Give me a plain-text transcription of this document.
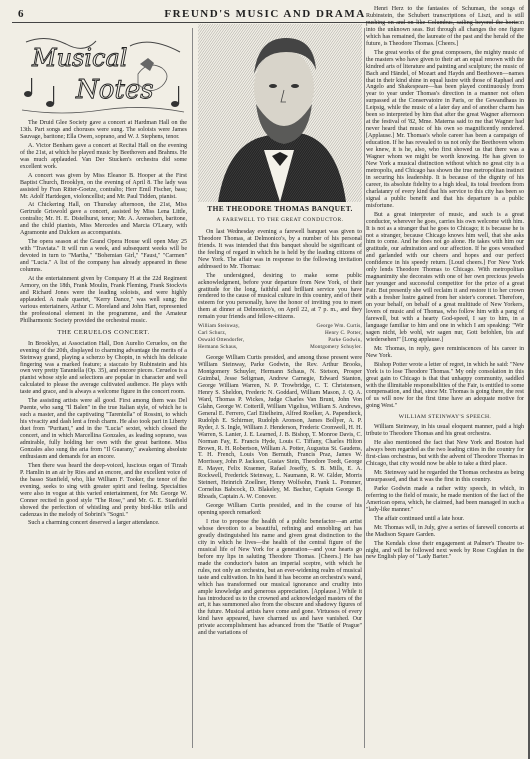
6	FREUND'S MUSIC AND DRAMA
Musical
Notes

The Druid Glee Society gave a concert at Hardman Hall on the 13th. Part songs and choruses were sung. The soloists were James Sauvage, baritone; Ella Owen, soprano, and W. J. Stephens, tenor.

A. Victor Benham gave a concert at Recital Hall on the evening of the 21st, at which he played music by Beethoven and Brahms. He was much applauded. Van Der Stucken's orchestra did some excellent work.

A concert was given by Miss Eleanor B. Hooper at the First Baptist Church, Brooklyn, on the evening of April 8. The lady was assisted by Fran Ritter-Goetze, contralto; Herr Emil Fischer, bass; Mr. Adolf Hartdegen, violoncellist; and Mr. Paul Tidden, pianist.

At Chickering Hall, on Thursday afternoon, the 21st, Miss Gertrude Griswold gave a concert, assisted by Miss Lena Little, contralto; Mr. H. E. Distelhurst, tenor; Mr. A. Arensohen, baritone, and the child pianists, Miss Mercedes and Marcia O'Leary, with Agramonte and Dulcken as accompanists.

The opera season at the Grand Opera House will open May 25 with "Traviata." It will run a week, and subsequent weeks will be devoted in turn to "Martha," "Bohemian Girl," "Faust," "Carmen" and "Lucia." A list of the company has already appeared in these columns.

At the entertainment given by Company H at the 22d Regiment Armory, on the 18th, Frank Moulin, Frank Fleming, Frank Stockvis and Richard Jones were the leading soloists, and were highly applauded. A male quartet, "Kerry Dance," was well sung; the various entertainers, Arthur C. Moreland and John Hart, represented the professional element in the programme, and the Amateur Philharmonic Society provided the orchestral music.

THE CERUELOS CONCERT.

In Brooklyn, at Association Hall, Don Aurelio Ceruelos, on the evening of the 20th, displayed to charming advantage the merits of a Steinway grand, playing a scherzo by Chopin, in which his delicate fingering was a marked feature; a staccato by Rubinstein and his own very pretty Tarantella (Op. 35), and encore pieces. Ceruelos is a pianist whose style and selections are popular in character and well calculated to please the average cultivated audience. He plays with taste and grace, and is always a welcome figure in the concert room.

The assisting artists were all good. First among them was Del Puente, who sang "Il Balen" in the true Italian style, of which he is such a master, and the captivating "Tarentella" of Rossini, to which his vivacity and dash lent a fresh charm. He also took part in Liberty duet from "Puritani," and in the "Lucia" sextet, which closed the concert, and in which Marcellina Gonzales, as leading soprano, was admirable, fully holding her own with the great baritone. Miss Gonzales also sung the aria from "Il Guarany," awakening absolute enthusiasm and demands for an encore.

Then there was heard the deep-voiced, luscious organ of Tirzah P. Hamlin in an air by Ries and an encore, and the excellent voice of the basso Stanfield, who, like William F. Tooker, the tenor of the evening, seeks to sing with greater spirit and feeling. Specialties were also in vogue at this varied entertainment, for Mr. George W. Conner recited in good style "The Rose," and Mr. G. E. Stanfield showed the perfection of whistling and pretty bird-like trills and cadenzas in the melody of Sobrini's "Sogni."

Such a charming concert deserved a larger attendance.

THE THEODORE THOMAS BANQUET.
A FAREWELL TO THE GREAT CONDUCTOR.

On last Wednesday evening a farewell banquet was given to Theodore Thomas, at Delmonico's, by a number of his personal friends. It was intended that this banquet should be significant of the feeling of regard in which he is held by the leading citizens of New York. The affair was in response to the following invitation addressed to Mr. Thomas:

The undersigned, desiring to make some public acknowledgment, before your departure from New York, of their gratitude for the long, faithful and brilliant service you have rendered to the cause of musical culture in this country, and of their esteem for you personally, have the honor of inviting you to meet them at dinner at Delmonico's, on April 22, at 7 p. m., and they remain your friends and fellow-citizens.

William Steinway,	George Wm. Curtis,
Carl Schurz,	Henry C. Potter,
Oswald Ottendorfer,	Parke Godwin,
Hermann Schaus,	Montgomery Schuyler.

George William Curtis presided, and among those present were William Steinway, Parke Godwin, the Rev. Arthur Brooks, Montgomery Schuyler, Hermann Schaus, N. Stetson, Prosper Guimbal, Jesse Seligman, Andrew Carnegie, Edward Stanton, George William Warren, N. P. Trowbridge, C. T. Christensen, Henry S. Sheldon, Frederic N. Goddard, William Mason, J. Q. A. Ward, Thomas P. Wickes, Judge Charles Van Brunt, John Von Glahn, George W. Cotterill, William Vigelius, William S. Andrews, General E. Ferrero, Carl Eitelheim, Alfred Roelker, A. Papendieck, Rudolph E. Schirmer, Rudolph Aronson, James Bollyer, A. P. Ryder, J. S. Ingle, William J. Henderson, Frederic Cromwell, H. H. Warren, S. Lanier, J. E. Learned, J. B. Bishop, T. Monroe Davis, C. Norman Fay, E. Francis Hyde, Louis C. Tiffany, Charles Hilton Brown, R. H. Robertson, William A. Potter, Augustus St. Gaudens, T. H. French, Louis Von Bernuth, Francis Praz, James W. Morrissey, John P. Jackson, Gustav Stein, Theodore Toedt, George E. Mayer, Felix Kraemer, Rafael Joseffy, S. B. Mills, E. A. Rockwell, Frederick Steinway, L. Naumann, R. W. Gilder, Morris Steinert, Heinrich Zoellner, Henry Wolfsohn, Frank L. Pommer, Cornelius Babcock, D. Blakeley, M. Bachur, Captain George B. Rhoads, Captain A. W. Conover.

George William Curtis presided, and in the course of his opening speech remarked:

I rise to propose the health of a public benefactor—an artist whose devotion to a beautiful, refining and ennobling art has greatly distinguished his name and given great distinction to the city in which he lives—the health of the central figure of the musical life of New York for a generation—and your hearts go before my lips in saluting Theodore Thomas. [Cheers.] He has made the conductor's baton an imperial sceptre, with which he rules, not only an orchestra, but an ever-widening realm of musical taste and cultivation. In his hand it has become an orchestra's wand, which has transformed our musical ignorance and crudity into ample knowledge and generous appreciation. [Applause.] While it has introduced us to the crowned and acknowledged masters of the art, it has summoned also from the obscure and shadowy figures of the future. Musical artists have come and gone. Virtuosos of every kind have appeared, have charmed us and have vanished. Our private accomplishment has advanced from the "Battle of Prague" and the variations of

Henri Herz to the fantasies of Schuman, the songs of Rubinstein, the Schubert transcriptions of Liszt, and is still pushing on and on like Columbus, sailing beyond the horizon into the unknown seas. But through all changes the one figure which has remained, the laureate of the past and the herald of the future, is Theodore Thomas. [Cheers.]

The great works of the great composers, the mighty music of the masters who have given to their art an equal renown with the kindred arts of literature and painting and sculpture; the music of Bach and Händel, of Mozart and Haydn and Beethoven—names that in their kind shine in equal lustre with those of Raphael and Angelo and Shakespeare—has been played continuously from year to year under Thomas's direction in a manner not often surpassed at the Conservatoire in Paris, or the Gewandhaus in Leipsig, while the music of a later day and of another charm has been so interpreted by him that after the great Wagner afternoon at the festival of '82, Mme. Materna said to me that Wagner had never heard that music of his own so magnificently rendered. [Applause.] Mr. Thomas's whole career has been a campaign of education. If he has revealed to us not only the Beethoven whom we knew, it is he, also, who first showed us that there was a Wagner whom we might be worth knowing. He has given to New York a musical distinction without which no great city is a metropolis, and Chicago has shown the true metropolitan instinct in securing his leadership. It is because of the dignity of his career, its absolute fidelity to a high ideal, its total freedom from charlatanry of every kind that his service to this city has been so signal a public benefit and that his departure is a public misfortune.

But a great interpreter of music, and such is a great conductor, wherever he goes, carries his own welcome with him. It is not as a stranger that he goes to Chicago; it is because he is not a stranger, because Chicago knows him well, that she asks him to come. And he does not go alone. He takes with him our gratitude, our admiration and our affection. If he goes wreathed and garlanded with our cheers and hopes and our perfect confidence in his speedy return. [Loud cheers.] For New York only lends Theodore Thomas to Chicago. With metropolitan magnanimity she decorates with one of her own precious jewels her younger and successful competitor for the prize of a great Fair. But presently she will reclaim it and restore it to her crown with a fresher lustre gained from her sister's coronet. Therefore, on your behalf, on behalf of a great multitude of New Yorkers, lovers of music and of Thomas, who follow him with a pang of farewell, but with a hearty God-speed, I say to him, in a language familiar to him and one in which I am speaking: "Wir sagen nicht, leb wohl, wir sagen nur, Gott befohlen, bis auf wiedersehen!" [Long applause.]

Mr. Thomas, in reply, gave reminiscences of his career in New York.

Bishop Potter wrote a letter of regret, in which he said: "New York is to lose Theodore Thomas." My only consolation in this great gain to Chicago is that that unhappy community, saddled with the illimitable responsibilities of the Fair, is entitled to some compensation, and that, since Mr. Thomas is going there, the rest of us will now for the first time have an adequate motive for going West."

WILLIAM STEINWAY'S SPEECH.

William Steinway, in his usual eloquent manner, paid a high tribute to Theodore Thomas and his great orchestra.

He also mentioned the fact that New York and Boston had always been regarded as the two leading cities in the country for first-class orchestras, but with the advent of Theodore Thomas in Chicago, that city would now be able to take a third place.

Mr. Steinway said he regarded the Thomas orchestra as being unsurpassed, and that it was the first in this country.

Parke Godwin made a rather witty speech, in which, in referring to the field of music, he made mention of the fact of the American opera, which, he claimed, had been managed in such a "lady-like manner."

The affair continued until a late hour.

Mr. Thomas will, in July, give a series of farewell concerts at the Madison Square Garden.

The Kendals close their engagement at Palmer's Theatre to-night, and will be followed next week by Rose Coghlan in the new English play of "Lady Barter."
